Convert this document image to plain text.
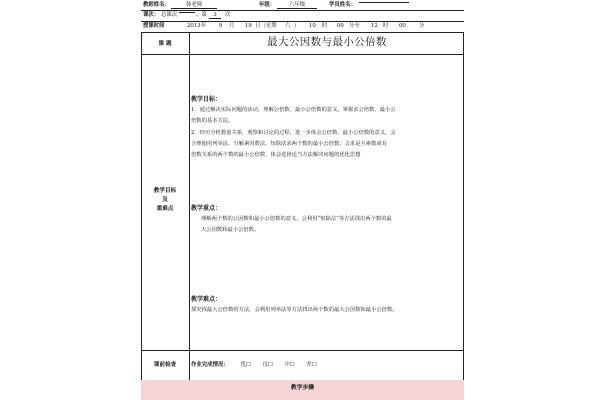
教师姓名：	韩老师	年级：	六年级	学员姓名：
课次： 总课次	、第	3	次
授课时间	2013 年 9 月 19 日（星期 六 ） 10 时 00 分至 12 时 00 分
课 题	最大公因数与最小公倍数
教学目标
及
重难点

教学目标：

1．通过解决实际问题的活动，理解公倍数、最小公倍数的意义，掌握求公倍数、最小公

倍数的基本方法。

2．经历分析数量关系，观察和讨论的过程，进一步体会公倍数、最小公倍数的意义，会

合理使用列举法、分解素因数法、短除法求两个数的最小公倍数；会求是互素数或有

倍数关系的两个数的最小公倍数，体会选择适当方法解决问题的优化思想

教学重点：

理解两个数的公因数和最小公倍数的意义，会利用“短除法”等方法找出两个数的最

大公因数和最小公倍数。

教学难点：

探究找最大公倍数的方法，会利用列举法等方法找出两个数的最大公因数和最小公倍数。

课前检查	作业完成情况： 优☐ 良☐ 中☐ 差☐
教学步骤
